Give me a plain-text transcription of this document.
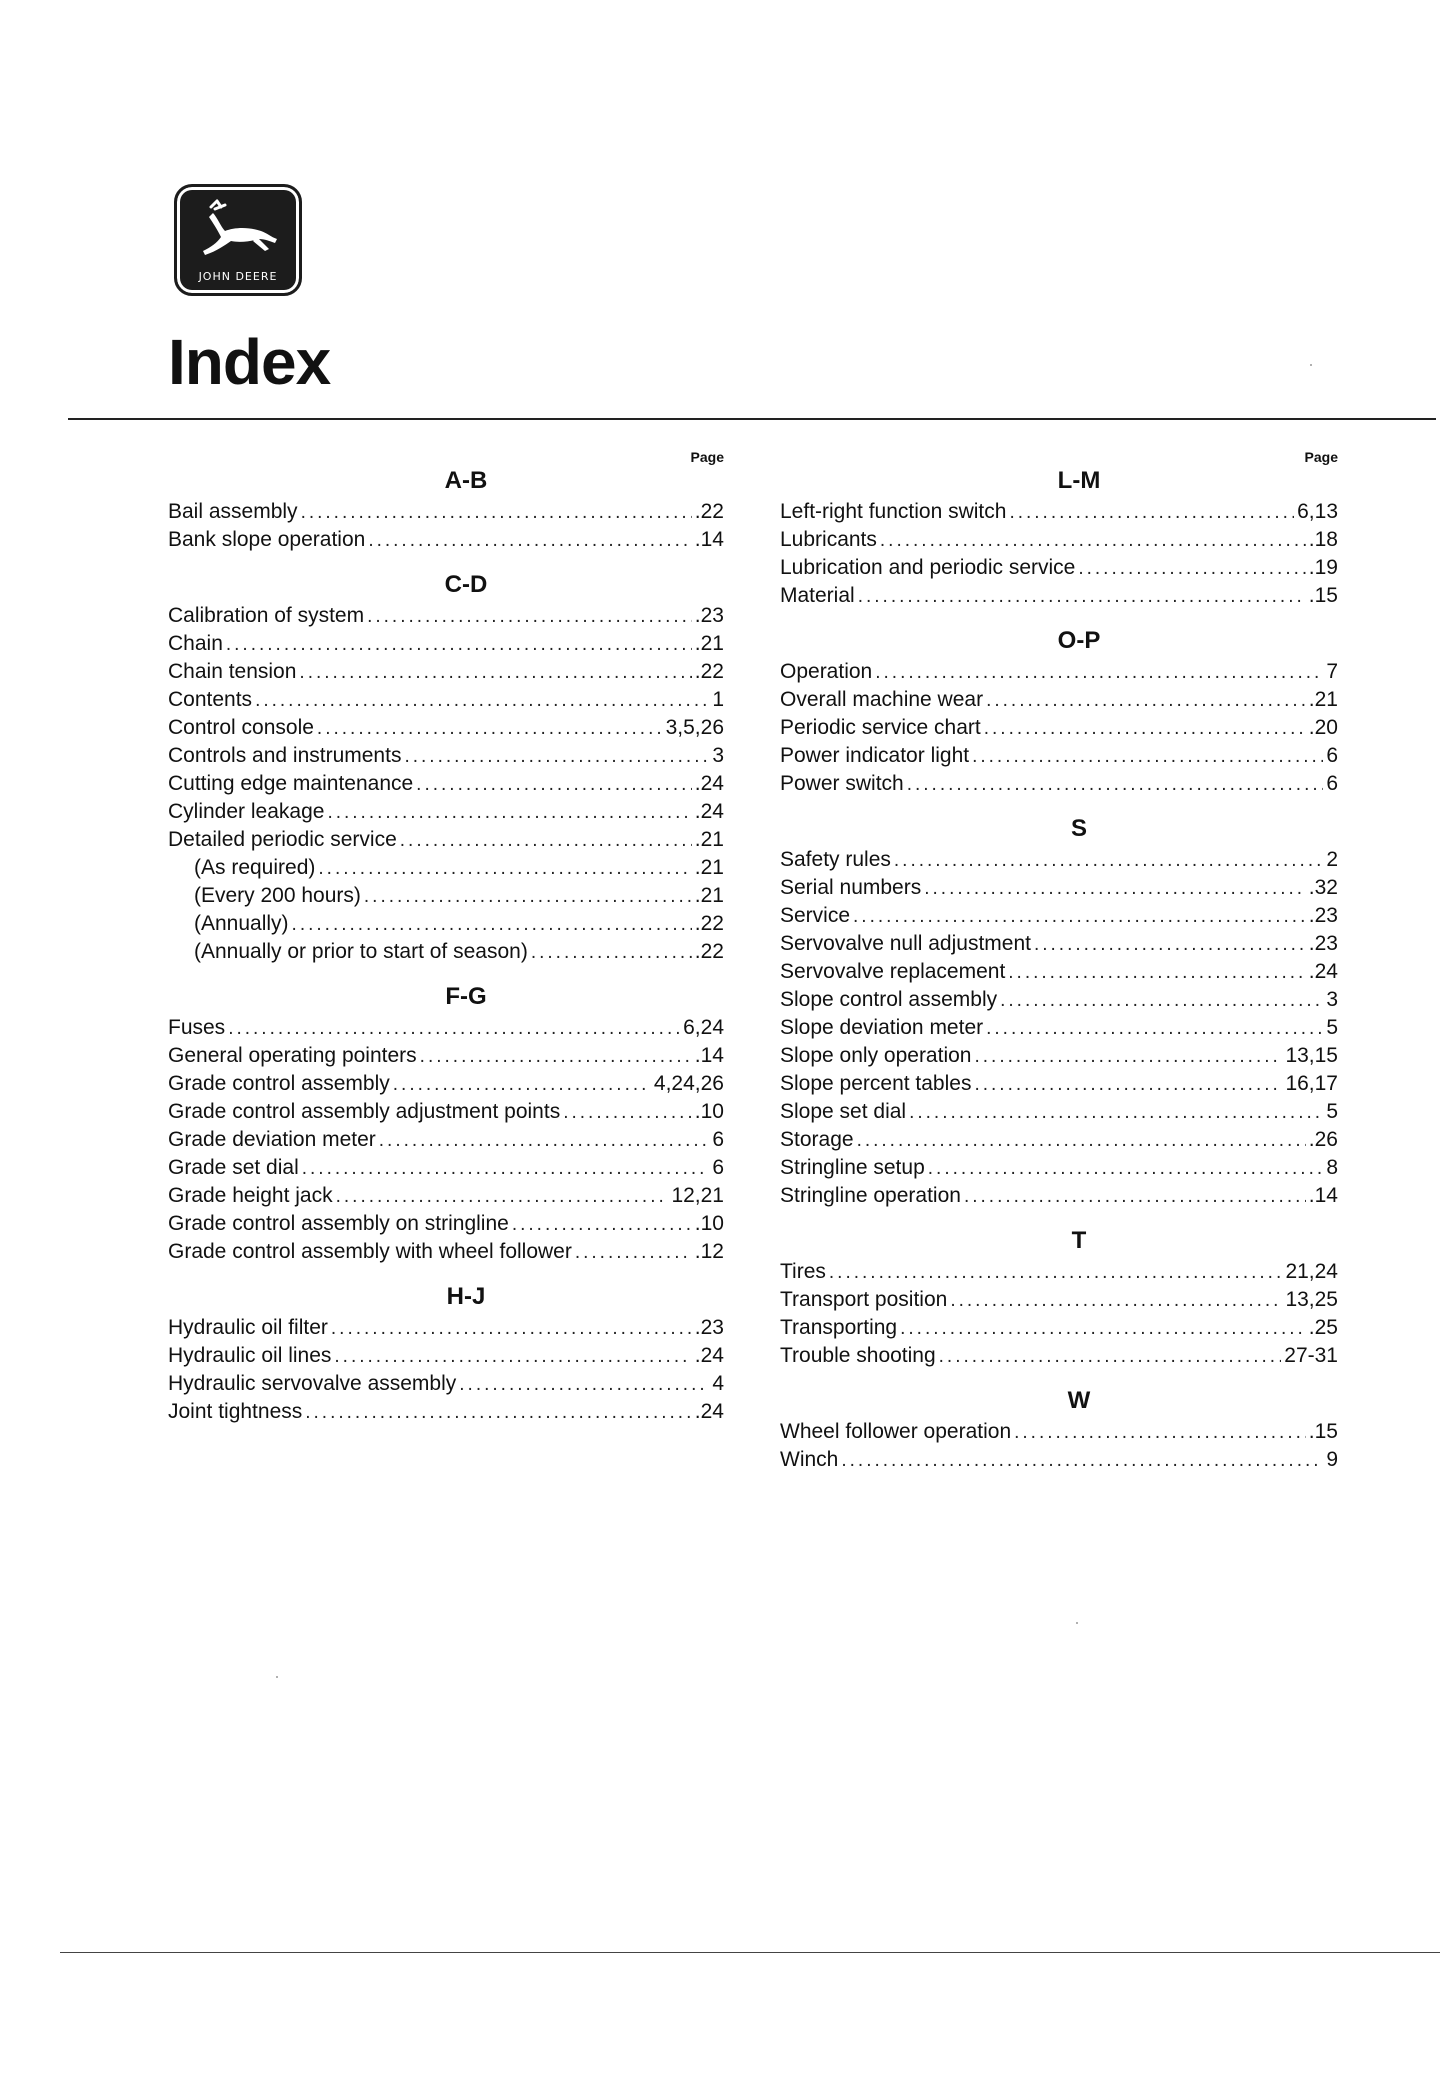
JOHN DEERE
Index
Page
A-B
Bail assembly .....	.22
Bank slope operation .....	.14
C-D
Calibration of system .....	.23
Chain .....	.21
Chain tension .....	.22
Contents .....	1
Control console .....	3,5,26
Controls and instruments .....	3
Cutting edge maintenance .....	.24
Cylinder leakage .....	.24
Detailed periodic service .....	.21
(As required) .....	.21
(Every 200 hours) .....	.21
(Annually) .....	.22
(Annually or prior to start of season) .....	.22
F-G
Fuses .....	6,24
General operating pointers .....	.14
Grade control assembly .....	4,24,26
Grade control assembly adjustment points .....	.10
Grade deviation meter .....	6
Grade set dial .....	6
Grade height jack .....	12,21
Grade control assembly on stringline .....	.10
Grade control assembly with wheel follower .....	.12
H-J
Hydraulic oil filter .....	.23
Hydraulic oil lines .....	.24
Hydraulic servovalve assembly .....	4
Joint tightness .....	.24
Page
L-M
Left-right function switch .....	6,13
Lubricants .....	.18
Lubrication and periodic service .....	.19
Material .....	.15
O-P
Operation .....	7
Overall machine wear .....	.21
Periodic service chart .....	.20
Power indicator light .....	6
Power switch .....	6
S
Safety rules .....	2
Serial numbers .....	.32
Service .....	.23
Servovalve null adjustment .....	.23
Servovalve replacement .....	.24
Slope control assembly .....	3
Slope deviation meter .....	5
Slope only operation .....	13,15
Slope percent tables .....	16,17
Slope set dial .....	5
Storage .....	.26
Stringline setup .....	8
Stringline operation .....	.14
T
Tires .....	21,24
Transport position .....	13,25
Transporting .....	.25
Trouble shooting .....	27-31
W
Wheel follower operation .....	.15
Winch .....	9
